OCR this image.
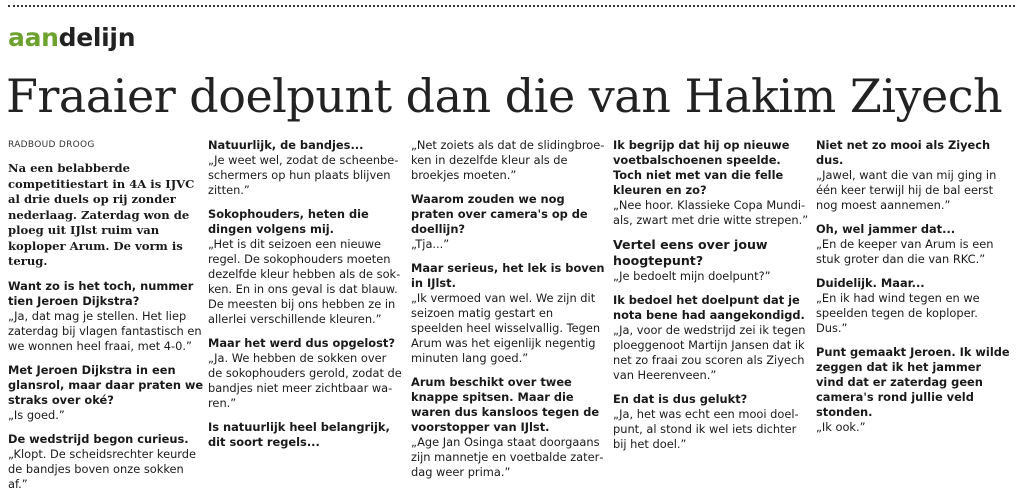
aandelijn
Fraaier doelpunt dan die van Hakim Ziyech
RADBOUD DROOG

Na een belabberde competitiestart in 4A is IJVC al drie duels op rij zonder nederlaag. Zaterdag won de ploeg uit IJlst ruim van koploper Arum. De vorm is terug.

Want zo is het toch, nummer tien Jeroen Dijkstra?
„Ja, dat mag je stellen. Het liep zaterdag bij vlagen fantastisch en we wonnen heel fraai, met 4-0.”

Met Jeroen Dijkstra in een glansrol, maar daar praten we straks over oké?
„Is goed.”

De wedstrijd begon curieus.
„Klopt. De scheidsrechter keurde de bandjes boven onze sokken af.”

Natuurlijk, de bandjes...
„Je weet wel, zodat de scheenbeschermers op hun plaats blijven zitten.”

Sokophouders, heten die dingen volgens mij.
„Het is dit seizoen een nieuwe regel. De sokophouders moeten dezelfde kleur hebben als de sokken. En in ons geval is dat blauw. De meesten bij ons hebben ze in allerlei verschillende kleuren.”

Maar het werd dus opgelost?
„Ja. We hebben de sokken over de sokophouders gerold, zodat de bandjes niet meer zichtbaar waren.”

Is natuurlijk heel belangrijk, dit soort regels...

„Net zoiets als dat de slidingbroeken in dezelfde kleur als de broekjes moeten.”

Waarom zouden we nog praten over camera's op de doellijn?
„Tja...”

Maar serieus, het lek is boven in IJlst.
„Ik vermoed van wel. We zijn dit seizoen matig gestart en speelden heel wisselvallig. Tegen Arum was het eigenlijk negentig minuten lang goed.”

Arum beschikt over twee knappe spitsen. Maar die waren dus kansloos tegen de voorstopper van IJlst.
„Age Jan Osinga staat doorgaans zijn mannetje en voetbalde zaterdag weer prima.”

Ik begrijp dat hij op nieuwe voetbalschoenen speelde. Toch niet met van die felle kleuren en zo?
„Nee hoor. Klassieke Copa Mundials, zwart met drie witte strepen.”

Vertel eens over jouw hoogtepunt?
„Je bedoelt mijn doelpunt?”

Ik bedoel het doelpunt dat je nota bene had aangekondigd.
„Ja, voor de wedstrijd zei ik tegen ploeggenoot Martijn Jansen dat ik net zo fraai zou scoren als Ziyech van Heerenveen.”

En dat is dus gelukt?
„Ja, het was echt een mooi doelpunt, al stond ik wel iets dichter bij het doel.”

Niet net zo mooi als Ziyech dus.
„Jawel, want die van mij ging in één keer terwijl hij de bal eerst nog moest aannemen.”

Oh, wel jammer dat...
„En de keeper van Arum is een stuk groter dan die van RKC.”

Duidelijk. Maar...
„En ik had wind tegen en we speelden tegen de koploper. Dus.”

Punt gemaakt Jeroen. Ik wilde zeggen dat ik het jammer vind dat er zaterdag geen camera's rond jullie veld stonden.
„Ik ook.”
